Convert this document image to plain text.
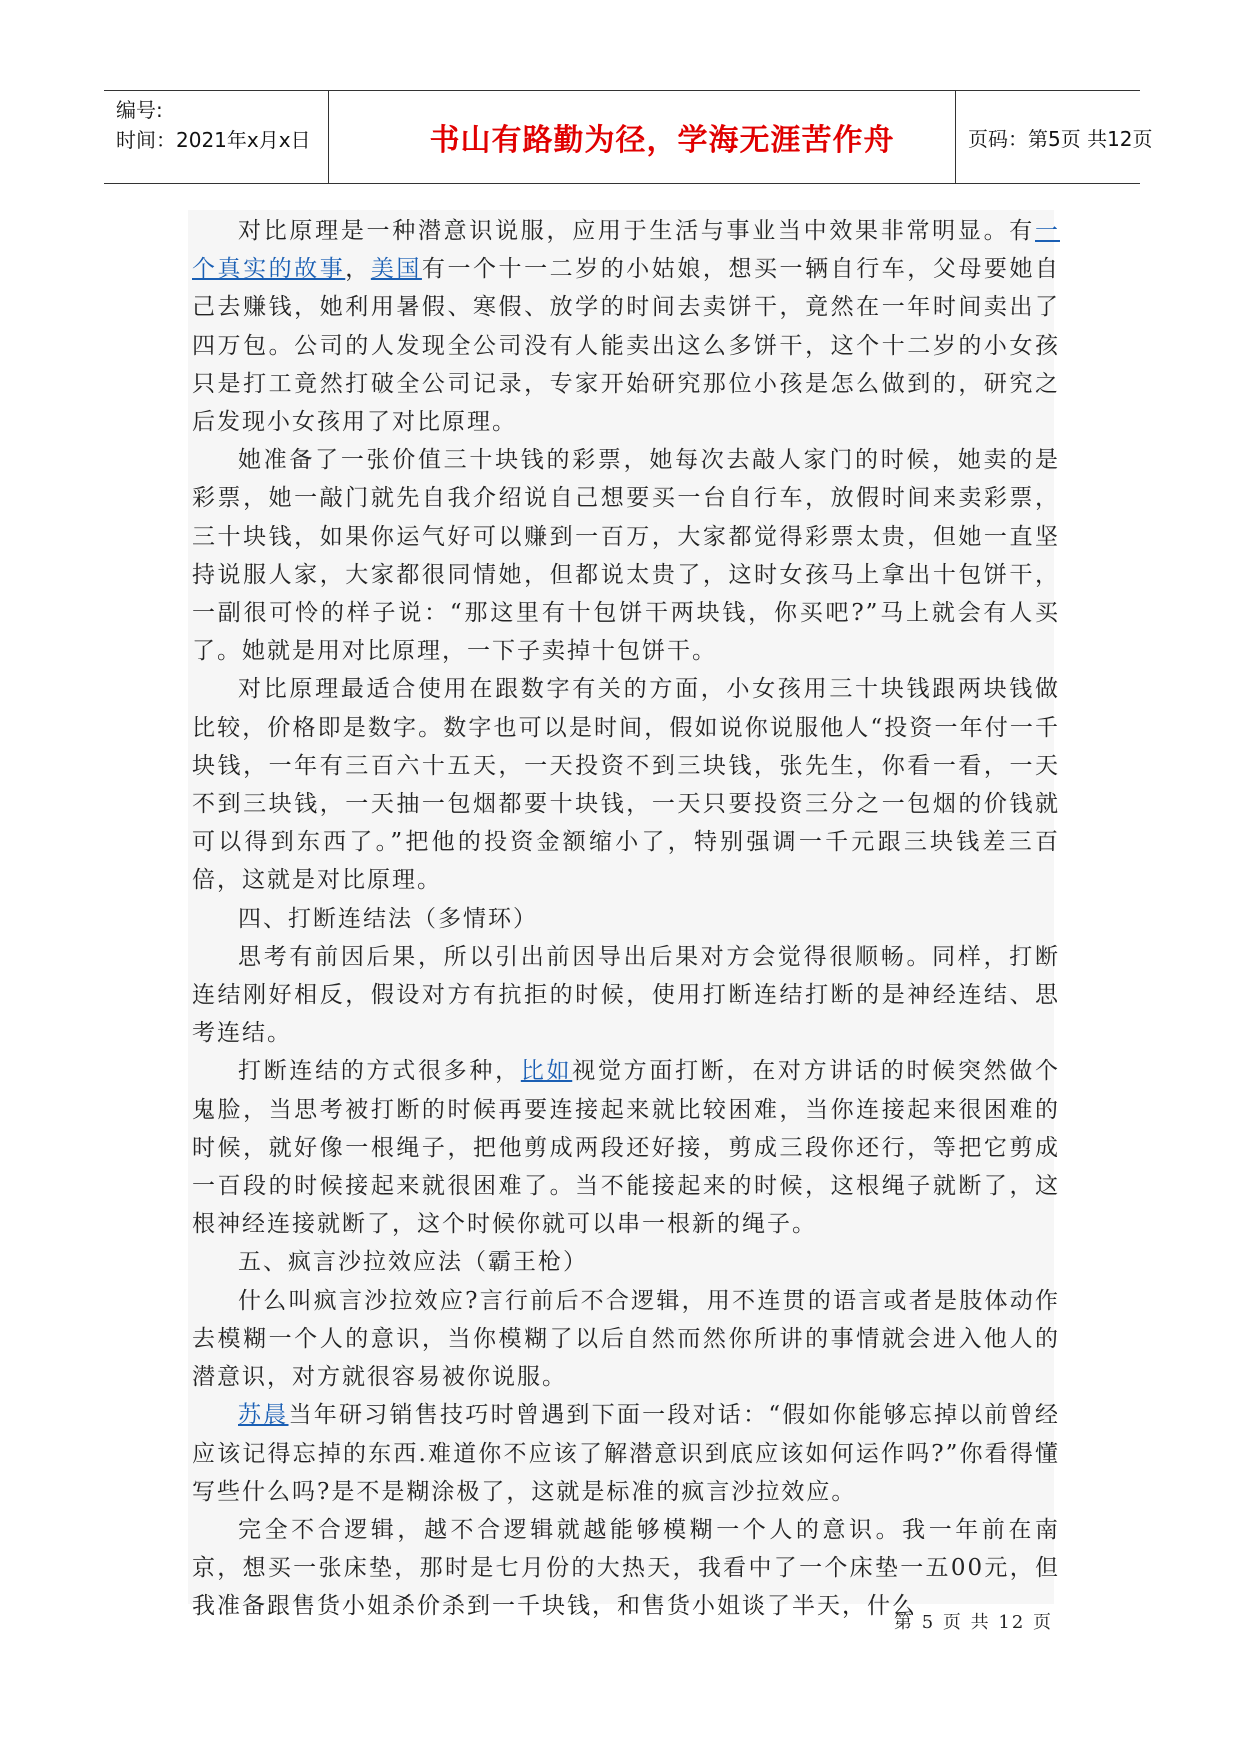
编号:
时间：2021年x月x日	书山有路勤为径，学海无涯苦作舟	页码：第5页 共12页

对比原理是一种潜意识说服，应用于生活与事业当中效果非常明显。有一个真实的故事，美国有一个十一二岁的小姑娘，想买一辆自行车，父母要她自己去赚钱，她利用暑假、寒假、放学的时间去卖饼干，竟然在一年时间卖出了四万包。公司的人发现全公司没有人能卖出这么多饼干，这个十二岁的小女孩只是打工竟然打破全公司记录，专家开始研究那位小孩是怎么做到的，研究之后发现小女孩用了对比原理。

她准备了一张价值三十块钱的彩票，她每次去敲人家门的时候，她卖的是彩票，她一敲门就先自我介绍说自己想要买一台自行车，放假时间来卖彩票，三十块钱，如果你运气好可以赚到一百万，大家都觉得彩票太贵，但她一直坚持说服人家，大家都很同情她，但都说太贵了，这时女孩马上拿出十包饼干，一副很可怜的样子说：“那这里有十包饼干两块钱，你买吧?”马上就会有人买了。她就是用对比原理，一下子卖掉十包饼干。

对比原理最适合使用在跟数字有关的方面，小女孩用三十块钱跟两块钱做比较，价格即是数字。数字也可以是时间，假如说你说服他人“投资一年付一千块钱，一年有三百六十五天，一天投资不到三块钱，张先生，你看一看，一天不到三块钱，一天抽一包烟都要十块钱，一天只要投资三分之一包烟的价钱就可以得到东西了。”把他的投资金额缩小了，特别强调一千元跟三块钱差三百倍，这就是对比原理。

四、打断连结法（多情环）

思考有前因后果，所以引出前因导出后果对方会觉得很顺畅。同样，打断连结刚好相反，假设对方有抗拒的时候，使用打断连结打断的是神经连结、思考连结。

打断连结的方式很多种，比如视觉方面打断，在对方讲话的时候突然做个鬼脸，当思考被打断的时候再要连接起来就比较困难，当你连接起来很困难的时候，就好像一根绳子，把他剪成两段还好接，剪成三段你还行，等把它剪成一百段的时候接起来就很困难了。当不能接起来的时候，这根绳子就断了，这根神经连接就断了，这个时候你就可以串一根新的绳子。

五、疯言沙拉效应法（霸王枪）

什么叫疯言沙拉效应?言行前后不合逻辑，用不连贯的语言或者是肢体动作去模糊一个人的意识，当你模糊了以后自然而然你所讲的事情就会进入他人的潜意识，对方就很容易被你说服。

苏晨当年研习销售技巧时曾遇到下面一段对话：“假如你能够忘掉以前曾经应该记得忘掉的东西.难道你不应该了解潜意识到底应该如何运作吗?”你看得懂写些什么吗?是不是糊涂极了，这就是标准的疯言沙拉效应。

完全不合逻辑，越不合逻辑就越能够模糊一个人的意识。我一年前在南京，想买一张床垫，那时是七月份的大热天，我看中了一个床垫一五00元，但我准备跟售货小姐杀价杀到一千块钱，和售货小姐谈了半天，什么

第 5 页 共 12 页
